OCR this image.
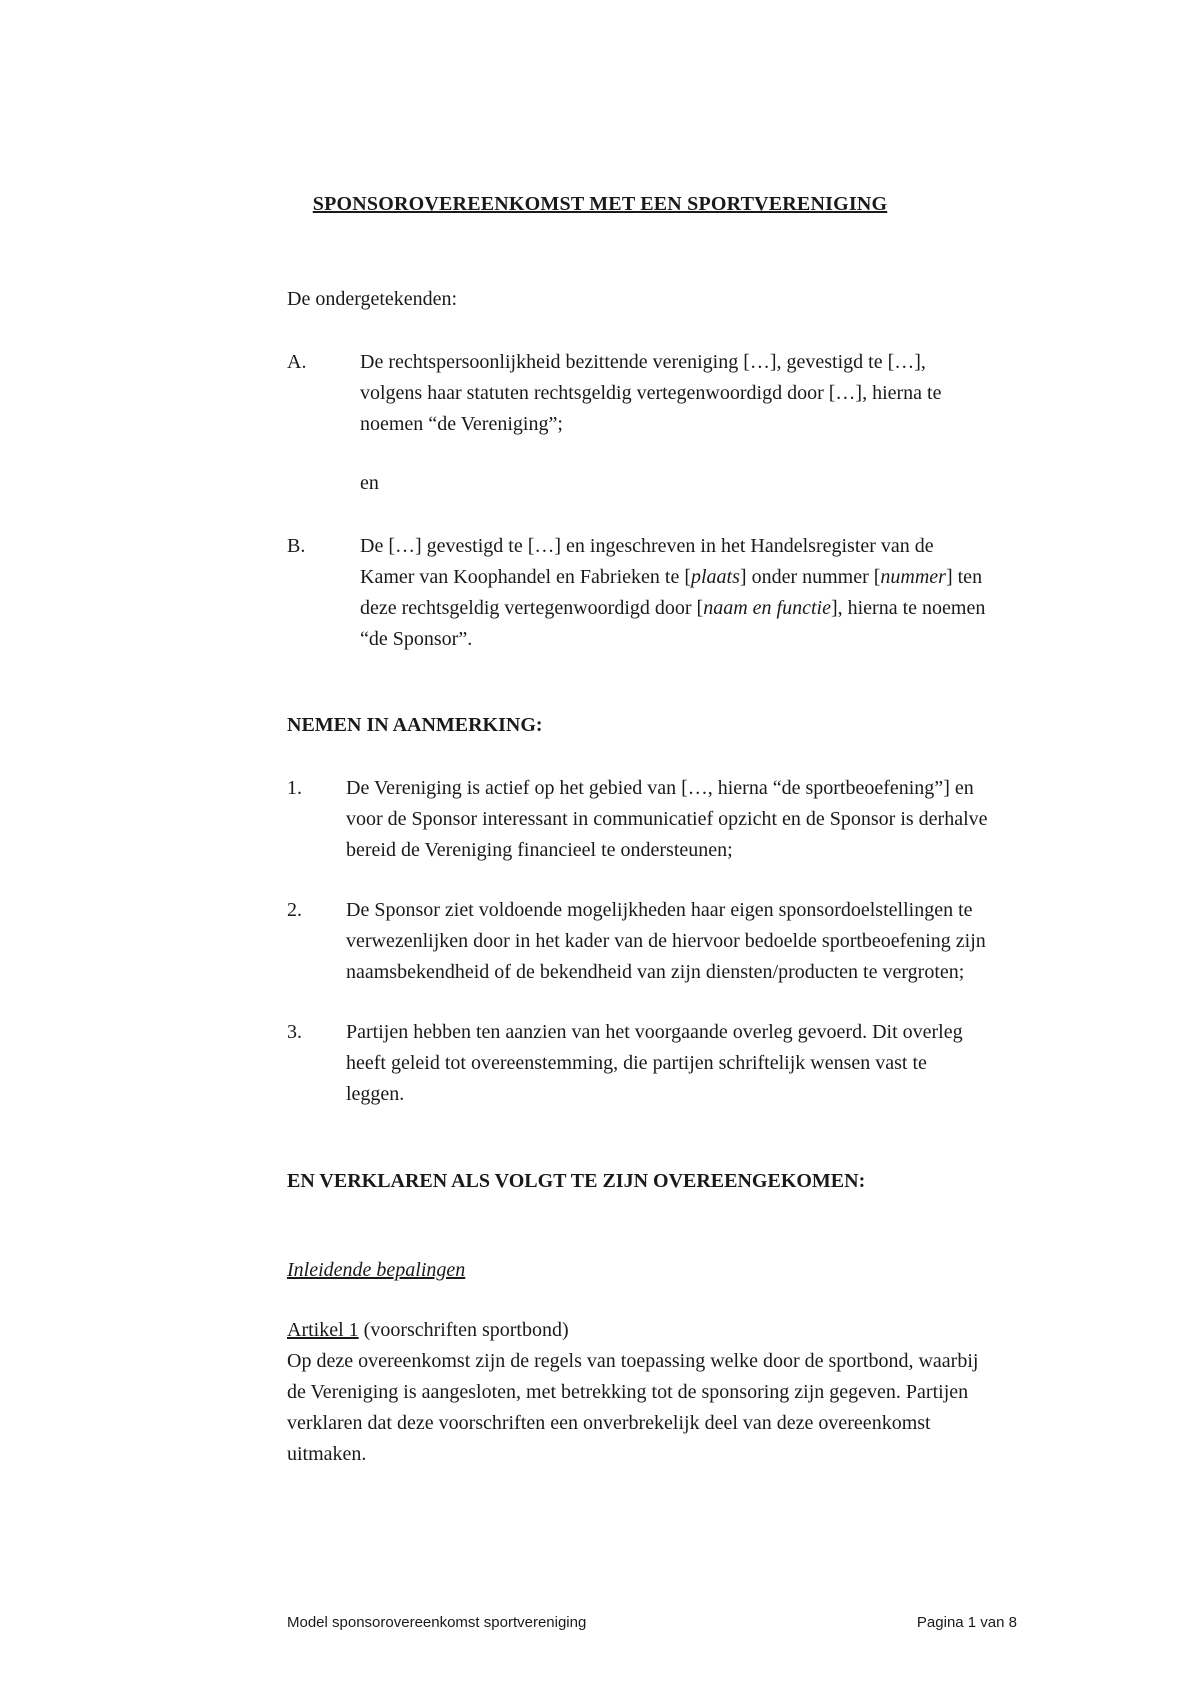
SPONSOROVEREENKOMST MET EEN SPORTVERENIGING
De ondergetekenden:
A.	De rechtspersoonlijkheid bezittende vereniging […], gevestigd te […],
volgens haar statuten rechtsgeldig vertegenwoordigd door […], hierna te
noemen “de Vereniging”;
en
B.	De […] gevestigd te […] en ingeschreven in het Handelsregister van de
Kamer van Koophandel en Fabrieken te [plaats] onder nummer [nummer] ten
deze rechtsgeldig vertegenwoordigd door [naam en functie], hierna te noemen
“de Sponsor”.
NEMEN IN AANMERKING:
1. De Vereniging is actief op het gebied van […, hierna “de sportbeoefening”] en
voor de Sponsor interessant in communicatief opzicht en de Sponsor is derhalve
bereid de Vereniging financieel te ondersteunen;
2. De Sponsor ziet voldoende mogelijkheden haar eigen sponsordoelstellingen te
verwezenlijken door in het kader van de hiervoor bedoelde sportbeoefening zijn
naamsbekendheid of de bekendheid van zijn diensten/producten te vergroten;
3. Partijen hebben ten aanzien van het voorgaande overleg gevoerd. Dit overleg
heeft geleid tot overeenstemming, die partijen schriftelijk wensen vast te
leggen.
EN VERKLAREN ALS VOLGT TE ZIJN OVEREENGEKOMEN:
Inleidende bepalingen
Artikel 1 (voorschriften sportbond)
Op deze overeenkomst zijn de regels van toepassing welke door de sportbond, waarbij
de Vereniging is aangesloten, met betrekking tot de sponsoring zijn gegeven. Partijen
verklaren dat deze voorschriften een onverbrekelijk deel van deze overeenkomst
uitmaken.
Model sponsorovereenkomst sportvereniging	Pagina 1 van 8
